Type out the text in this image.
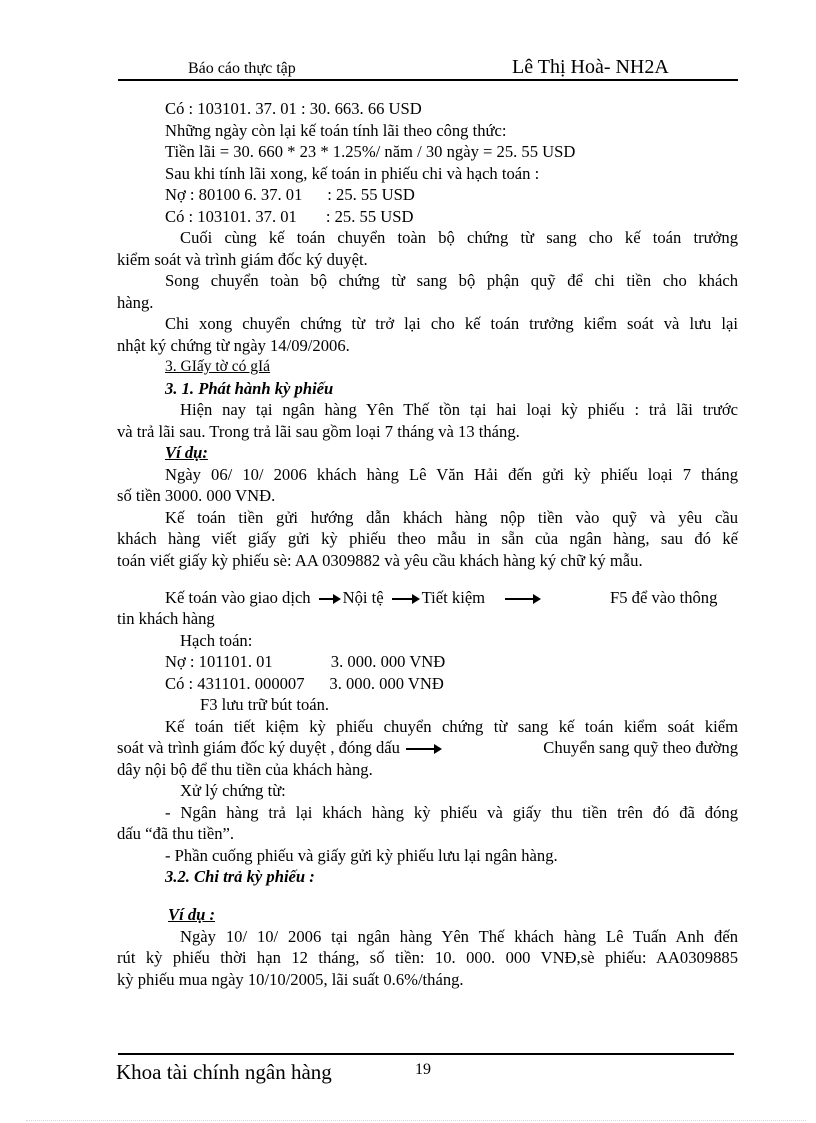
Báo cáo thực tập	Lê Thị Hoà- NH2A
Có : 103101. 37. 01 : 30. 663. 66 USD
Những ngày còn lại kế toán tính lãi theo công thức:
Tiền lãi = 30. 660 * 23 * 1.25%/ năm / 30 ngày = 25. 55 USD
Sau khi tính lãi xong, kế toán in phiếu chi và hạch toán :
Nợ : 80100 6. 37. 01      : 25. 55 USD
Có : 103101. 37. 01       : 25. 55 USD
Cuối cùng kế toán chuyển toàn bộ chứng từ sang cho kế toán trưởng
kiểm soát và trình giám đốc ký duyệt.
Song chuyển toàn bộ chứng từ sang bộ phận quỹ để chi tiền cho khách
hàng.
Chi xong chuyển chứng từ trở lại cho kế toán trưởng kiểm soát và lưu lại
nhật ký chứng từ ngày 14/09/2006.
3. GIấy tờ có gIá
3. 1. Phát hành kỳ phiếu
Hiện nay tại ngân hàng Yên Thế tồn tại hai loại kỳ phiếu : trả lãi trước
và trả lãi sau. Trong trả lãi sau gồm loại 7 tháng và 13 tháng.
Ví dụ:
Ngày 06/ 10/ 2006 khách hàng Lê Văn Hải đến gửi kỳ phiếu loại 7 tháng
số tiền 3000. 000 VNĐ.
Kế toán tiền gửi hướng dẫn khách hàng nộp tiền vào quỹ và yêu cầu
khách hàng viết giấy gửi kỳ phiếu theo mẫu in sẵn của ngân hàng, sau đó kế
toán viết giấy kỳ phiếu sè: AA 0309882 và yêu cầu khách hàng ký chữ ký mẫu.
Kế toán vào giao dịch Nội tệ Tiết kiệm	F5 để vào thông
tin khách hàng
Hạch toán:
Nợ : 101101. 01              3. 000. 000 VNĐ
Có : 431101. 000007      3. 000. 000 VNĐ
F3 lưu trữ bút toán.
Kế toán tiết kiệm kỳ phiếu chuyển chứng từ sang kế toán kiểm soát kiểm
soát và trình giám đốc ký duyệt , đóng dấu	Chuyển sang quỹ theo đường
dây nội bộ để thu tiền của khách hàng.
Xử lý chứng từ:
- Ngân hàng trả lại khách hàng kỳ phiếu và giấy thu tiền trên đó đã đóng
dấu “đã thu tiền”.
- Phần cuống phiếu và giấy gửi kỳ phiếu lưu lại ngân hàng.
3.2. Chi trả kỳ phiếu :
Ví dụ :
Ngày 10/ 10/ 2006 tại ngân hàng Yên Thế khách hàng Lê Tuấn Anh đến
rút kỳ phiếu thời hạn 12 tháng, số tiền: 10. 000. 000 VNĐ,sè phiếu: AA0309885
kỳ phiếu mua ngày 10/10/2005, lãi suất 0.6%/tháng.
Khoa tài chính ngân hàng	19
